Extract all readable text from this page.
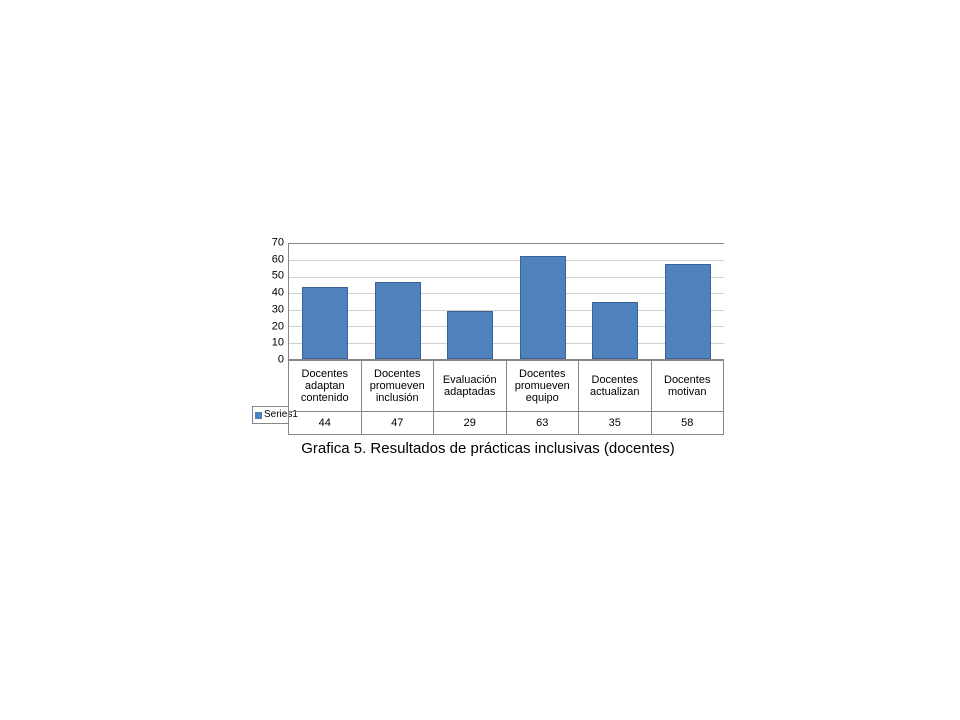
70
60
50
40
30
20
10
0
Series1
Docentes adaptan contenido	Docentes promueven inclusión	Evaluación adaptadas	Docentes promueven equipo	Docentes actualizan	Docentes motivan
44	47	29	63	35	58
Grafica 5. Resultados de prácticas inclusivas (docentes)
